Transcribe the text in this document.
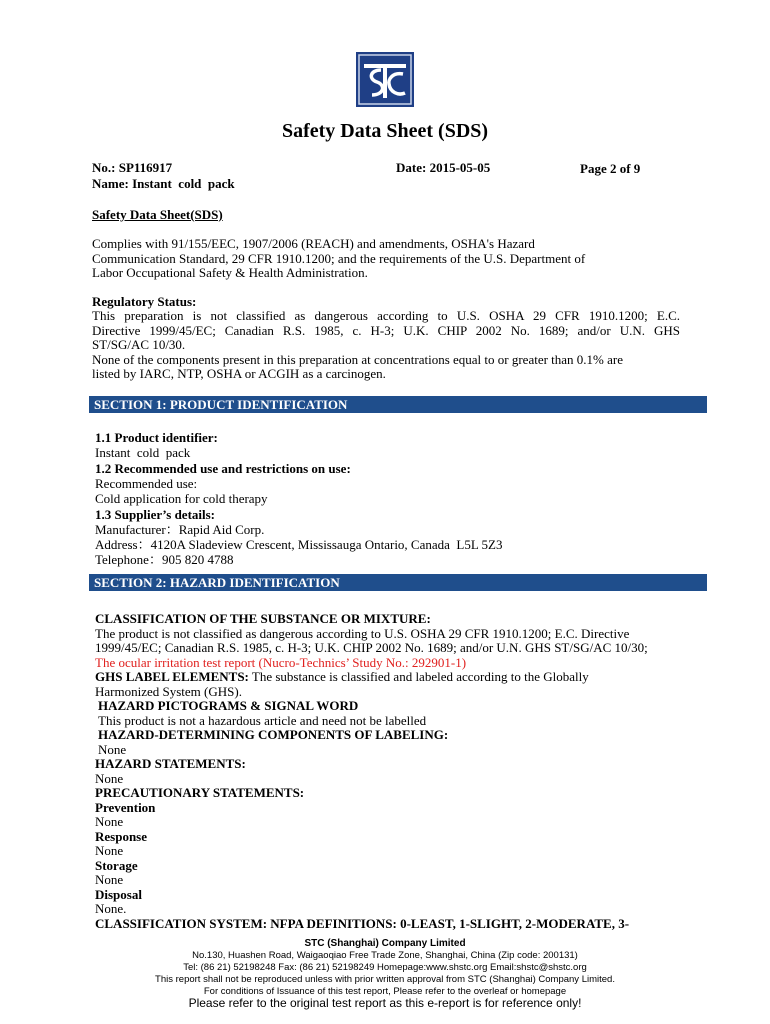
Safety Data Sheet (SDS)
No.: SP116917	Date: 2015-05-05	Page 2 of 9
Name: Instant  cold  pack
Safety Data Sheet(SDS)
Complies with 91/155/EEC, 1907/2006 (REACH) and amendments, OSHA's Hazard
Communication Standard, 29 CFR 1910.1200; and the requirements of the U.S. Department of
Labor Occupational Safety & Health Administration.
Regulatory Status:
This preparation is not classified as dangerous according to U.S. OSHA 29 CFR 1910.1200; E.C.
Directive 1999/45/EC; Canadian R.S. 1985, c. H-3; U.K. CHIP 2002 No. 1689; and/or U.N. GHS
ST/SG/AC 10/30.
None of the components present in this preparation at concentrations equal to or greater than 0.1% are
listed by IARC, NTP, OSHA or ACGIH as a carcinogen.
SECTION 1: PRODUCT IDENTIFICATION
1.1 Product identifier:
Instant  cold  pack
1.2 Recommended use and restrictions on use:
Recommended use:
Cold application for cold therapy
1.3 Supplier’s details:
Manufacturer：Rapid Aid Corp.
Address：4120A Sladeview Crescent, Mississauga Ontario, Canada  L5L 5Z3
Telephone：905 820 4788
SECTION 2: HAZARD IDENTIFICATION
CLASSIFICATION OF THE SUBSTANCE OR MIXTURE:
The product is not classified as dangerous according to U.S. OSHA 29 CFR 1910.1200; E.C. Directive
1999/45/EC; Canadian R.S. 1985, c. H-3; U.K. CHIP 2002 No. 1689; and/or U.N. GHS ST/SG/AC 10/30;
The ocular irritation test report (Nucro-Technics’ Study No.: 292901-1)
GHS LABEL ELEMENTS: The substance is classified and labeled according to the Globally
Harmonized System (GHS).
HAZARD PICTOGRAMS & SIGNAL WORD
This product is not a hazardous article and need not be labelled
HAZARD-DETERMINING COMPONENTS OF LABELING:
None
HAZARD STATEMENTS:
None
PRECAUTIONARY STATEMENTS:
Prevention
None
Response
None
Storage
None
Disposal
None.
CLASSIFICATION SYSTEM: NFPA DEFINITIONS: 0-LEAST, 1-SLIGHT, 2-MODERATE, 3-
STC (Shanghai) Company Limited
No.130, Huashen Road, Waigaoqiao Free Trade Zone, Shanghai, China (Zip code: 200131)
Tel: (86 21) 52198248 Fax: (86 21) 52198249 Homepage:www.shstc.org Email:shstc@shstc.org
This report shall not be reproduced unless with prior written approval from STC (Shanghai) Company Limited.
For conditions of Issuance of this test report, Please refer to the overleaf or homepage
Please refer to the original test report as this e-report is for reference only!
